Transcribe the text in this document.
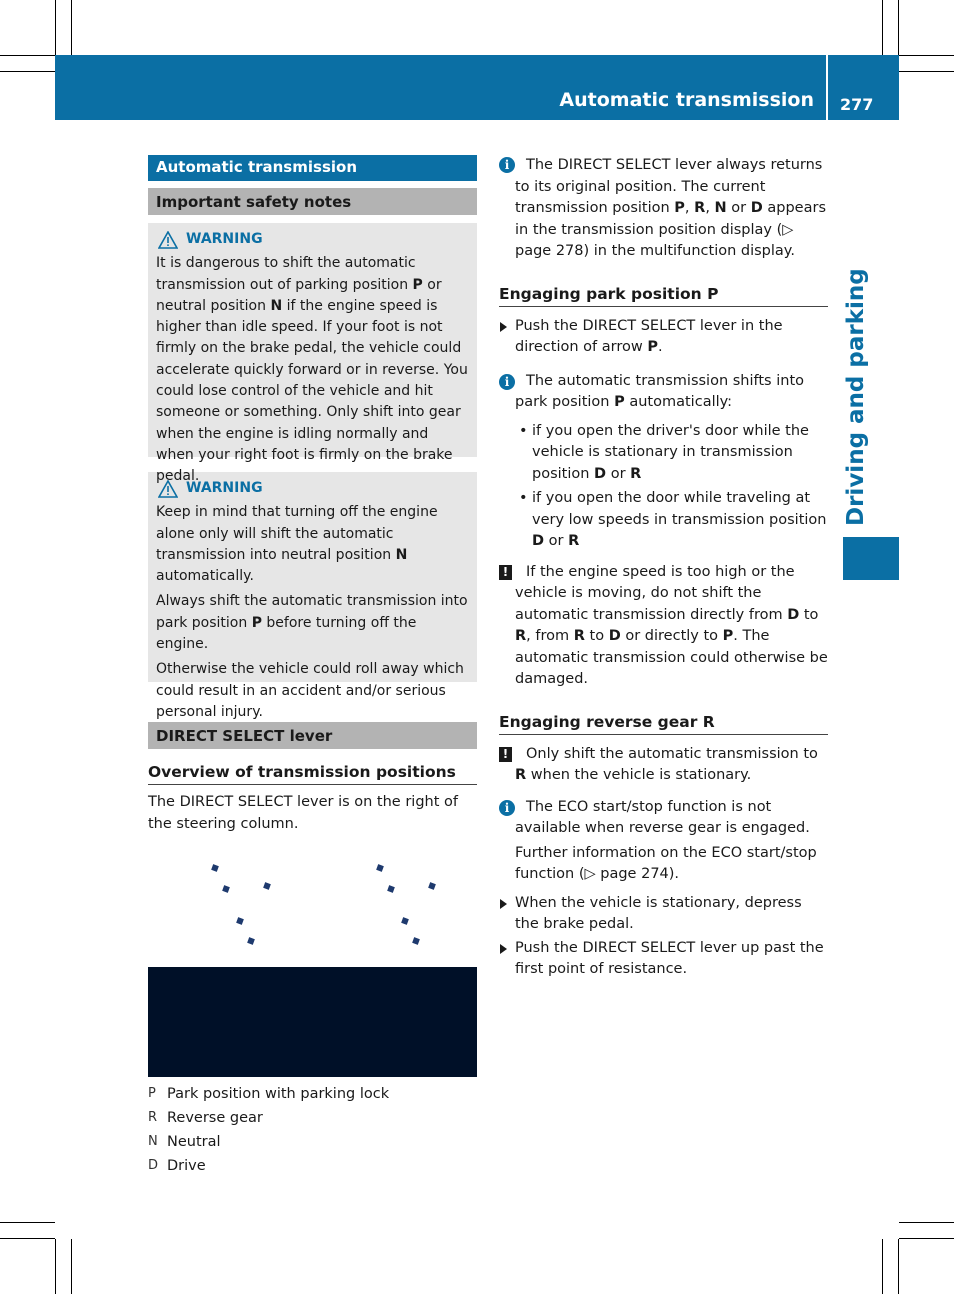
Automatic transmission 277
Driving and parking
Automatic transmission
Important safety notes
WARNING
It is dangerous to shift the automatic transmission out of parking position P or neutral position N if the engine speed is higher than idle speed. If your foot is not firmly on the brake pedal, the vehicle could accelerate quickly forward or in reverse. You could lose control of the vehicle and hit someone or something. Only shift into gear when the engine is idling normally and when your right foot is firmly on the brake pedal.
WARNING
Keep in mind that turning off the engine alone only will shift the automatic transmission into neutral position N automatically.
Always shift the automatic transmission into park position P before turning off the engine.
Otherwise the vehicle could roll away which could result in an accident and/or serious personal injury.
DIRECT SELECT lever
Overview of transmission positions
The DIRECT SELECT lever is on the right of the steering column.
P Park position with parking lock
R Reverse gear
N Neutral
D Drive
i	The DIRECT SELECT lever always returns to its original position. The current transmission position P, R, N or D appears in the transmission position display (▷ page 278) in the multifunction display.
Engaging park position P
Push the DIRECT SELECT lever in the direction of arrow P.
i	The automatic transmission shifts into park position P automatically:
• if you open the driver's door while the vehicle is stationary in transmission position D or R
• if you open the door while traveling at very low speeds in transmission position D or R
!	If the engine speed is too high or the vehicle is moving, do not shift the automatic transmission directly from D to R, from R to D or directly to P. The automatic transmission could otherwise be damaged.
Engaging reverse gear R
!	Only shift the automatic transmission to R when the vehicle is stationary.
i	The ECO start/stop function is not available when reverse gear is engaged.
Further information on the ECO start/stop function (▷ page 274).
When the vehicle is stationary, depress the brake pedal.
Push the DIRECT SELECT lever up past the first point of resistance.
